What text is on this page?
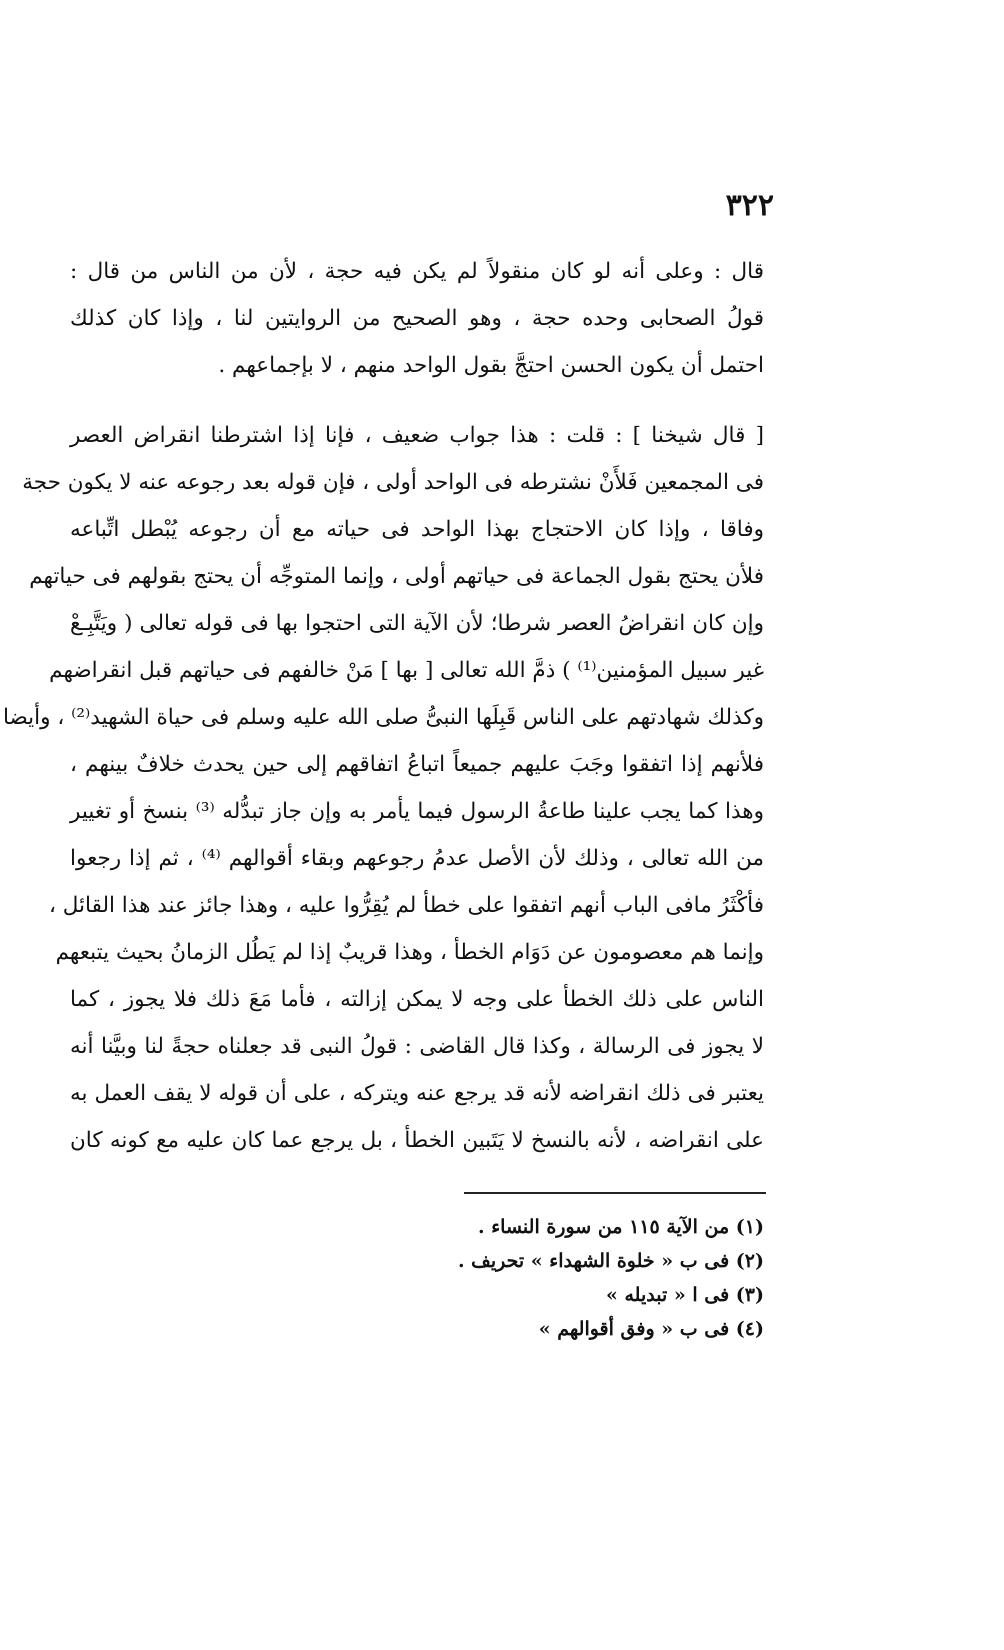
٣٢٢
قال : وعلى أنه لو كان منقولاً لم يكن فيه حجة ، لأن من الناس من قال :
قولُ الصحابى وحده حجة ، وهو الصحيح من الروايتين لنا ، وإذا كان كذلك
احتمل أن يكون الحسن احتجَّ بقول الواحد منهم ، لا بإجماعهم .
[ قال شيخنا ] : قلت : هذا جواب ضعيف ، فإنا إذا اشترطنا انقراض العصر
فى المجمعين فَلأَنْ نشترطه فى الواحد أولى ، فإن قوله بعد رجوعه عنه لا يكون حجة
وفاقا ، وإذا كان الاحتجاج بهذا الواحد فى حياته مع أن رجوعه يُبْطل اتِّباعه
فلأن يحتج بقول الجماعة فى حياتهم أولى ، وإنما المتوجِّه أن يحتج بقولهم فى حياتهم
وإن كان انقراضُ العصر شرطا؛ لأن الآية التى احتجوا بها فى قوله تعالى ( ويَتَّبِـعْ
غير سبيل المؤمنين⁽¹⁾ ) ذمَّ الله تعالى [ بها ] مَنْ خالفهم فى حياتهم قبل انقراضهم
وكذلك شهادتهم على الناس قَبِلَها النبىُّ صلى الله عليه وسلم فى حياة الشهيد⁽²⁾ ، وأيضا
فلأنهم إذا اتفقوا وجَبَ عليهم جميعاً اتباعُ اتفاقهم إلى حين يحدث خلافٌ بينهم ،
وهذا كما يجب علينا طاعةُ الرسول فيما يأمر به وإن جاز تبدُّله ⁽³⁾ بنسخ أو تغيير
من الله تعالى ، وذلك لأن الأصل عدمُ رجوعهم وبقاء أقوالهم ⁽⁴⁾ ، ثم إذا رجعوا
فأكْثَرُ مافى الباب أنهم اتفقوا على خطأ لم يُقِرُّوا عليه ، وهذا جائز عند هذا القائل ،
وإنما هم معصومون عن دَوَام الخطأ ، وهذا قريبٌ إذا لم يَطُل الزمانُ بحيث يتبعهم
الناس على ذلك الخطأ على وجه لا يمكن إزالته ، فأما مَعَ ذلك فلا يجوز ، كما
لا يجوز فى الرسالة ، وكذا قال القاضى : قولُ النبى قد جعلناه حجةً لنا وبيَّنا أنه
يعتبر فى ذلك انقراضه لأنه قد يرجع عنه ويتركه ، على أن قوله لا يقف العمل به
على انقراضه ، لأنه بالنسخ لا يَتَبين الخطأ ، بل يرجع عما كان عليه مع كونه كان
(١) من الآية ١١٥ من سورة النساء .
(٢) فى ب « خلوة الشهداء » تحريف .
(٣) فى ا « تبديله »
(٤) فى ب « وفق أقوالهم »
